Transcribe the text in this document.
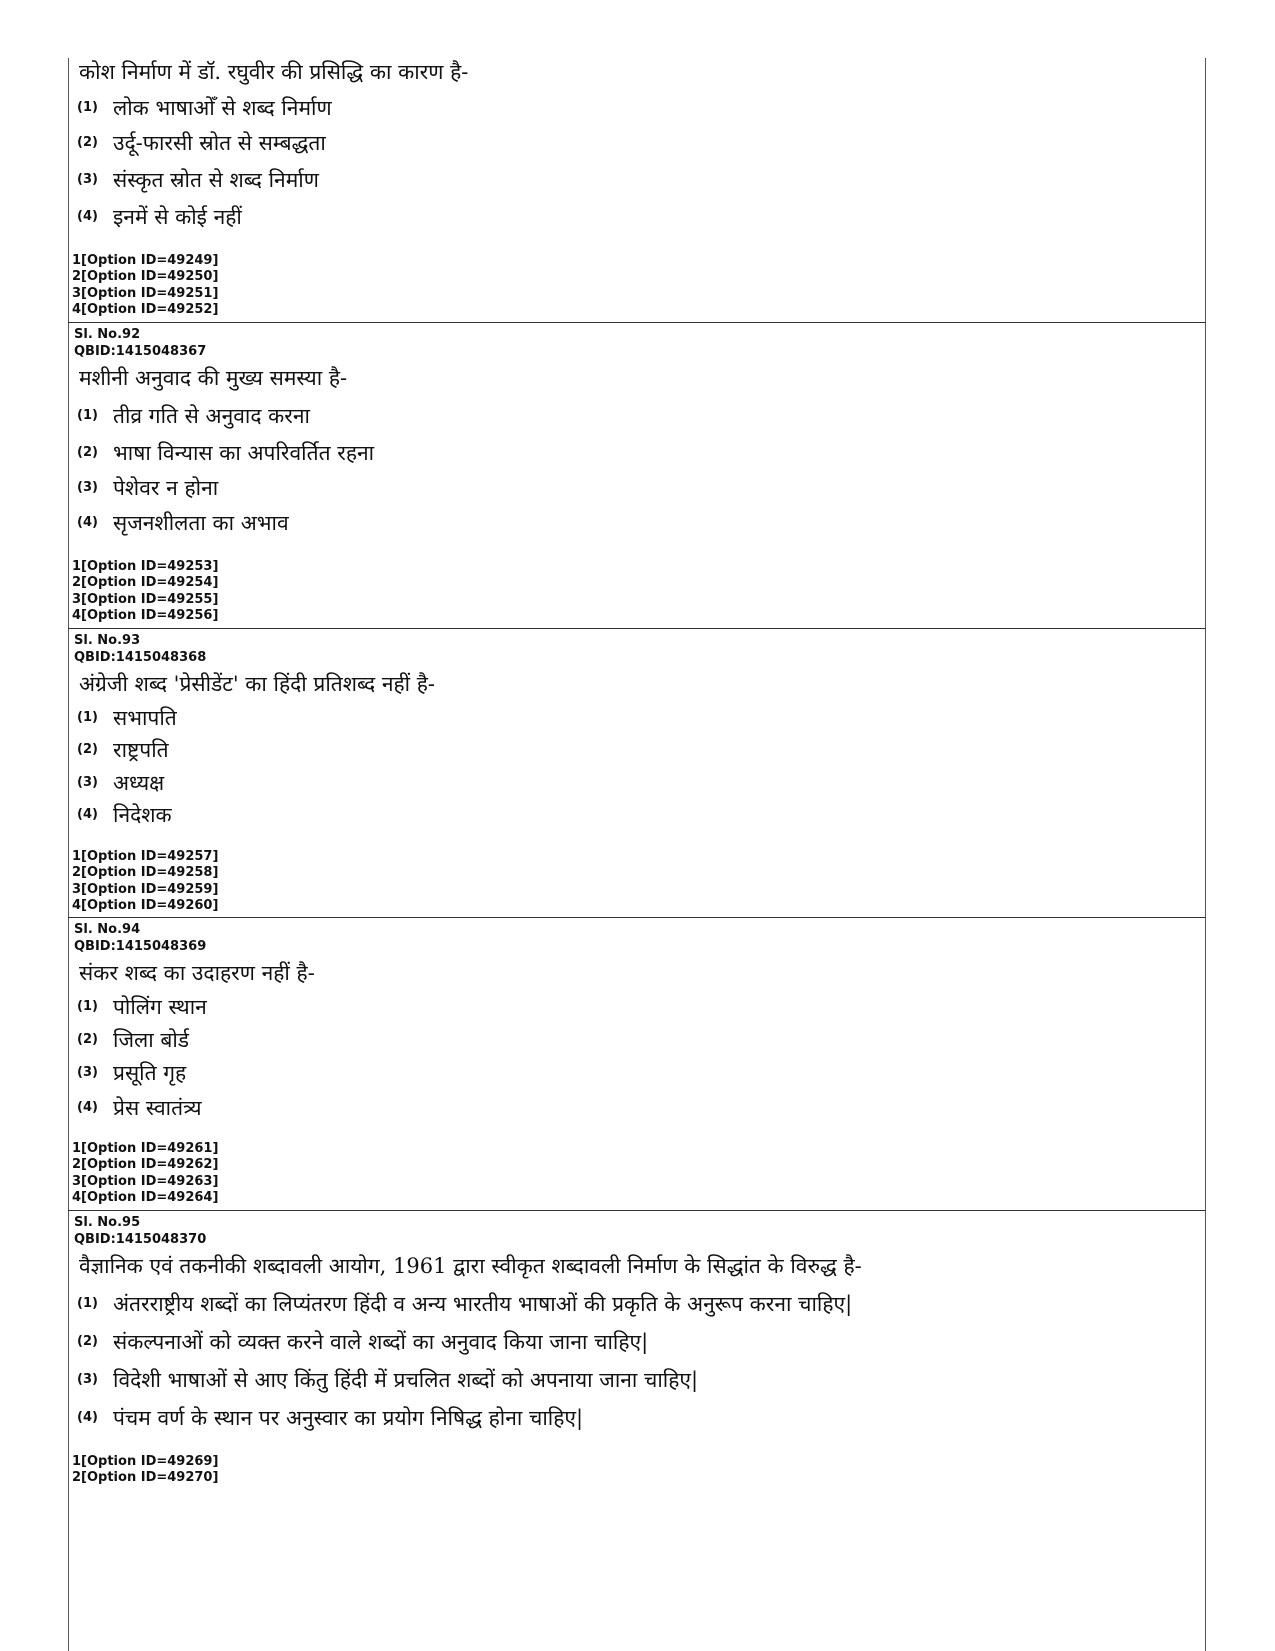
कोश निर्माण में डॉ. रघुवीर की प्रसिद्धि का कारण है-
(1) लोक भाषाओँ से शब्द निर्माण
(2) उर्दू-फारसी स्रोत से सम्बद्धता
(3) संस्कृत स्रोत से शब्द निर्माण
(4) इनमें से कोई नहीं
1[Option ID=49249]
2[Option ID=49250]
3[Option ID=49251]
4[Option ID=49252]
Sl. No.92
QBID:1415048367
मशीनी अनुवाद की मुख्य समस्या है-
(1) तीव्र गति से अनुवाद करना
(2) भाषा विन्यास का अपरिवर्तित रहना
(3) पेशेवर न होना
(4) सृजनशीलता का अभाव
1[Option ID=49253]
2[Option ID=49254]
3[Option ID=49255]
4[Option ID=49256]
Sl. No.93
QBID:1415048368
अंग्रेजी शब्द 'प्रेसीडेंट' का हिंदी प्रतिशब्द नहीं है-
(1) सभापति
(2) राष्ट्रपति
(3) अध्यक्ष
(4) निदेशक
1[Option ID=49257]
2[Option ID=49258]
3[Option ID=49259]
4[Option ID=49260]
Sl. No.94
QBID:1415048369
संकर शब्द का उदाहरण नहीं है-
(1) पोलिंग स्थान
(2) जिला बोर्ड
(3) प्रसूति गृह
(4) प्रेस स्वातंत्र्य
1[Option ID=49261]
2[Option ID=49262]
3[Option ID=49263]
4[Option ID=49264]
Sl. No.95
QBID:1415048370
वैज्ञानिक एवं तकनीकी शब्दावली आयोग, 1961 द्वारा स्वीकृत शब्दावली निर्माण के सिद्धांत के विरुद्ध है-
(1) अंतरराष्ट्रीय शब्दों का लिप्यंतरण हिंदी व अन्य भारतीय भाषाओं की प्रकृति के अनुरूप करना चाहिए|
(2) संकल्पनाओं को व्यक्त करने वाले शब्दों का अनुवाद किया जाना चाहिए|
(3) विदेशी भाषाओं से आए किंतु हिंदी में प्रचलित शब्दों को अपनाया जाना चाहिए|
(4) पंचम वर्ण के स्थान पर अनुस्वार का प्रयोग निषिद्ध होना चाहिए|
1[Option ID=49269]
2[Option ID=49270]
